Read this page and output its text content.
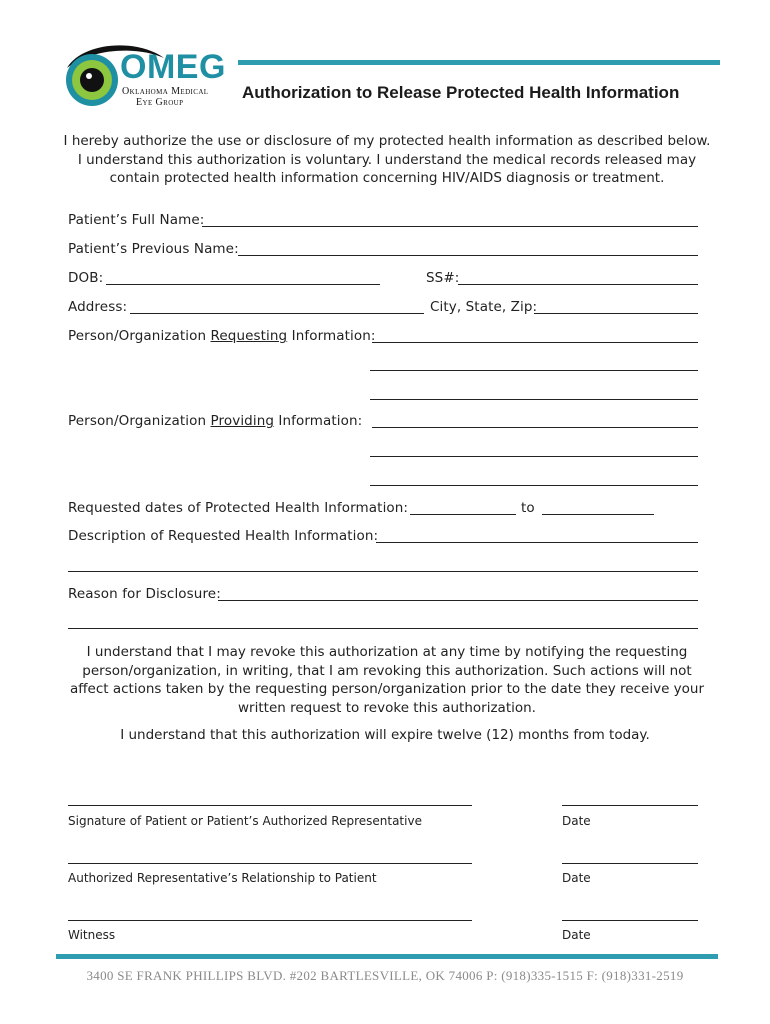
OMEG
Oklahoma Medical
Eye Group
Authorization to Release Protected Health Information
I hereby authorize the use or disclosure of my protected health information as described below. I understand this authorization is voluntary. I understand the medical records released may contain protected health information concerning HIV/AIDS diagnosis or treatment.
Patient’s Full Name:
Patient’s Previous Name:
DOB:	SS#:
Address:	City, State, Zip:
Person/Organization Requesting Information:
Person/Organization Providing Information:
Requested dates of Protected Health Information:	to
Description of Requested Health Information:
Reason for Disclosure:
I understand that I may revoke this authorization at any time by notifying the requesting person/organization, in writing, that I am revoking this authorization. Such actions will not affect actions taken by the requesting person/organization prior to the date they receive your written request to revoke this authorization.
I understand that this authorization will expire twelve (12) months from today.
Signature of Patient or Patient’s Authorized Representative	Date
Authorized Representative’s Relationship to Patient	Date
Witness	Date
3400 SE FRANK PHILLIPS BLVD. #202 BARTLESVILLE, OK 74006 P: (918)335-1515 F: (918)331-2519
